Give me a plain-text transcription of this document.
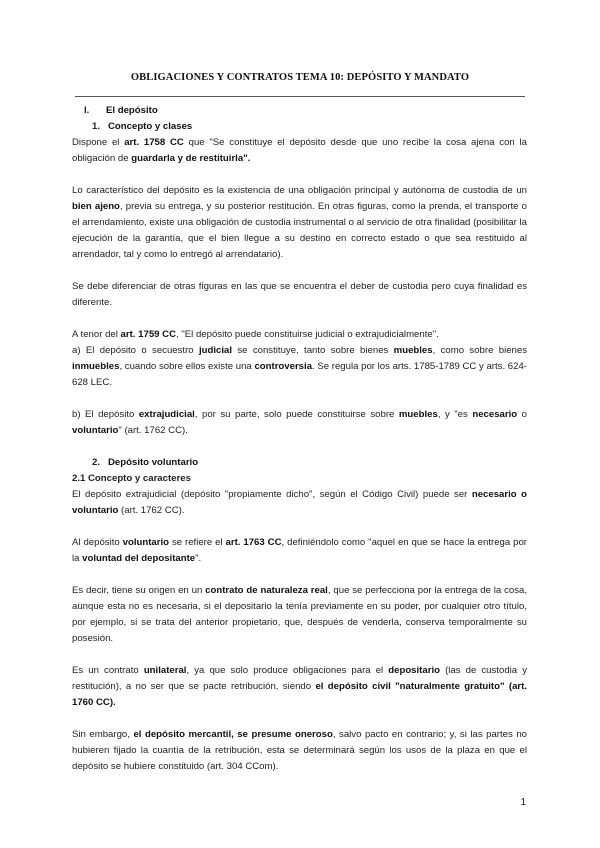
OBLIGACIONES Y CONTRATOS TEMA 10: DEPÓSITO Y MANDATO

I. El depósito

1. Concepto y clases

Dispone el art. 1758 CC que "Se constituye el depósito desde que uno recibe la cosa ajena con la obligación de guardarla y de restituirla".

Lo característico del depósito es la existencia de una obligación principal y autónoma de custodia de un bien ajeno, previa su entrega, y su posterior restitución. En otras figuras, como la prenda, el transporte o el arrendamiento, existe una obligación de custodia instrumental o al servicio de otra finalidad (posibilitar la ejecución de la garantía, que el bien llegue a su destino en correcto estado o que sea restituido al arrendador, tal y como lo entregó al arrendatario).

Se debe diferenciar de otras figuras en las que se encuentra el deber de custodia pero cuya finalidad es diferente.

A tenor del art. 1759 CC, "El depósito puede constituirse judicial o extrajudicialmente".

a) El depósito o secuestro judicial se constituye, tanto sobre bienes muebles, como sobre bienes inmuebles, cuando sobre ellos existe una controversia. Se regula por los arts. 1785-1789 CC y arts. 624-628 LEC.

b) El depósito extrajudicial, por su parte, solo puede constituirse sobre muebles, y "es necesario o voluntario" (art. 1762 CC).

2. Depósito voluntario

2.1 Concepto y caracteres

El depósito extrajudicial (depósito "propiamente dicho", según el Código Civil) puede ser necesario o voluntario (art. 1762 CC).

Al depósito voluntario se refiere el art. 1763 CC, definiéndolo como "aquel en que se hace la entrega por la voluntad del depositante".

Es decir, tiene su origen en un contrato de naturaleza real, que se perfecciona por la entrega de la cosa, aunque esta no es necesaria, si el depositario la tenía previamente en su poder, por cualquier otro título, por ejemplo, si se trata del anterior propietario, que, después de venderla, conserva temporalmente su posesión.

Es un contrato unilateral, ya que solo produce obligaciones para el depositario (las de custodia y restitución), a no ser que se pacte retribución, siendo el depósito civil "naturalmente gratuito" (art. 1760 CC).

Sin embargo, el depósito mercantil, se presume oneroso, salvo pacto en contrario; y, si las partes no hubieren fijado la cuantía de la retribución, esta se determinará según los usos de la plaza en que el depósito se hubiere constituido (art. 304 CCom).

1
